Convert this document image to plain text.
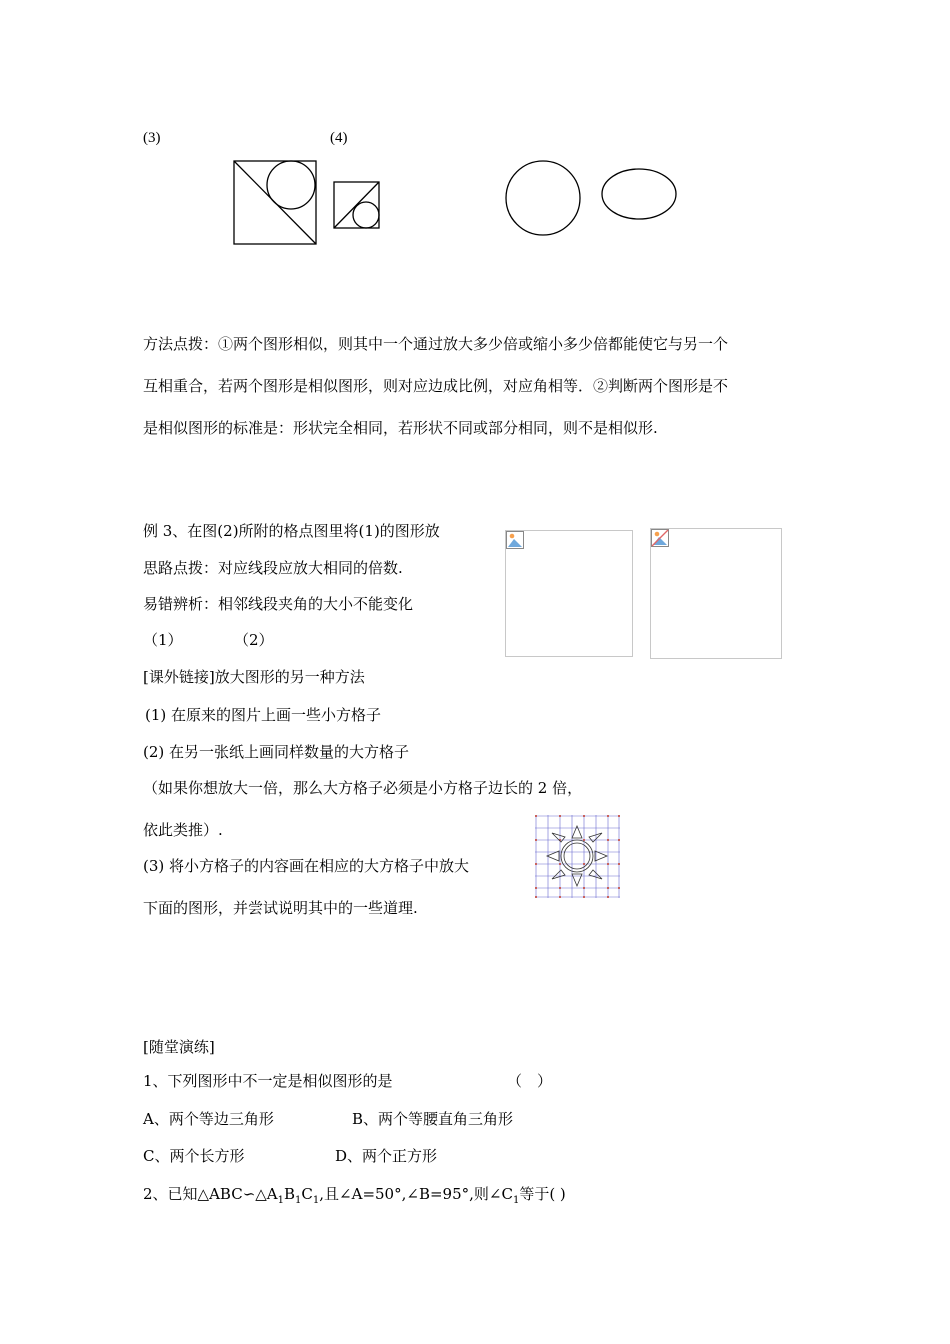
(3)	(4)
方法点拨：①两个图形相似，则其中一个通过放大多少倍或缩小多少倍都能使它与另一个
互相重合，若两个图形是相似图形，则对应边成比例，对应角相等．②判断两个图形是不
是相似图形的标准是：形状完全相同，若形状不同或部分相同，则不是相似形.
例 3、在图(2)所附的格点图里将(1)的图形放
思路点拨：对应线段应放大相同的倍数.
易错辨析：相邻线段夹角的大小不能变化
（1）	（2）
[课外链接]放大图形的另一种方法
(1) 在原来的图片上画一些小方格子
(2) 在另一张纸上画同样数量的大方格子
（如果你想放大一倍，那么大方格子必须是小方格子边长的 2 倍，
依此类推）.
(3) 将小方格子的内容画在相应的大方格子中放大
下面的图形，并尝试说明其中的一些道理.
[随堂演练]
1、下列图形中不一定是相似图形的是	（　）
A、两个等边三角形	B、两个等腰直角三角形
C、两个长方形	D、两个正方形
2、已知$\triangle ABC∽\triangle A_1B_1C_1$,且∠A=50°,∠B=95°,则$\angle C_1$等于( )
